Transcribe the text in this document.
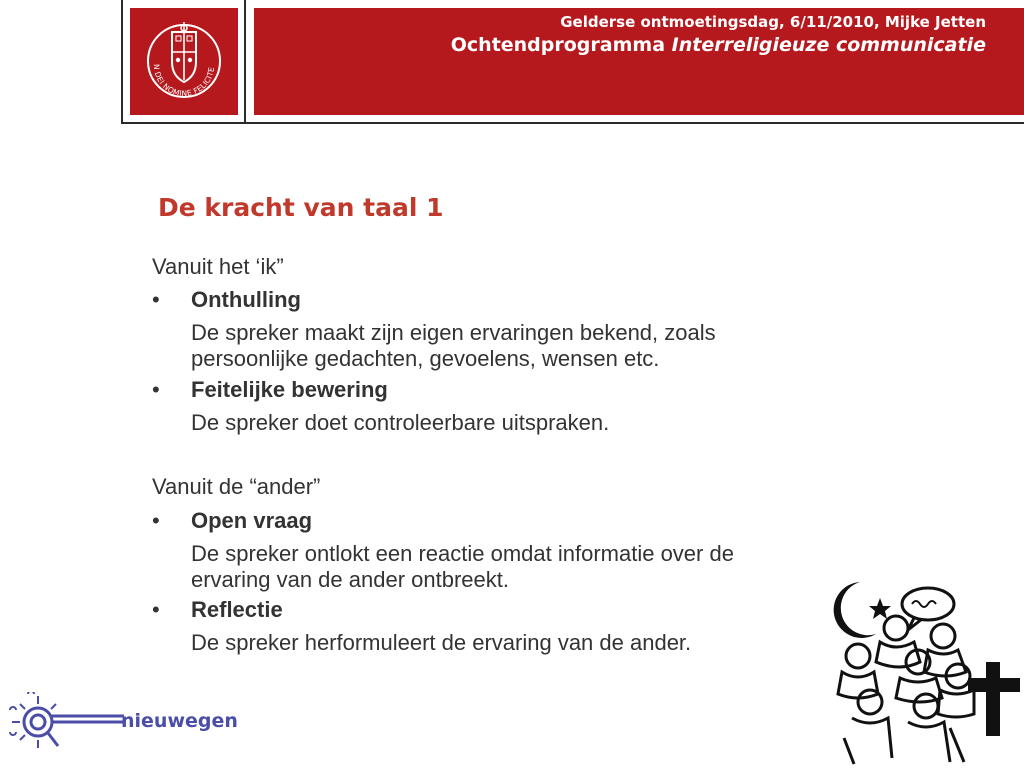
N DEI NOMINE FELICITE
Gelderse ontmoetingsdag, 6/11/2010, Mijke Jetten
Ochtendprogramma Interreligieuze communicatie
De kracht van taal 1
Vanuit het ‘ik”
• Onthulling
De spreker maakt zijn eigen ervaringen bekend, zoals
persoonlijke gedachten, gevoelens, wensen etc.
• Feitelijke bewering
De spreker doet controleerbare uitspraken.
Vanuit de “ander”
• Open vraag
De spreker ontlokt een reactie omdat informatie over de
ervaring van de ander ontbreekt.
• Reflectie
De spreker herformuleert de ervaring van de ander.
nieuwegen
